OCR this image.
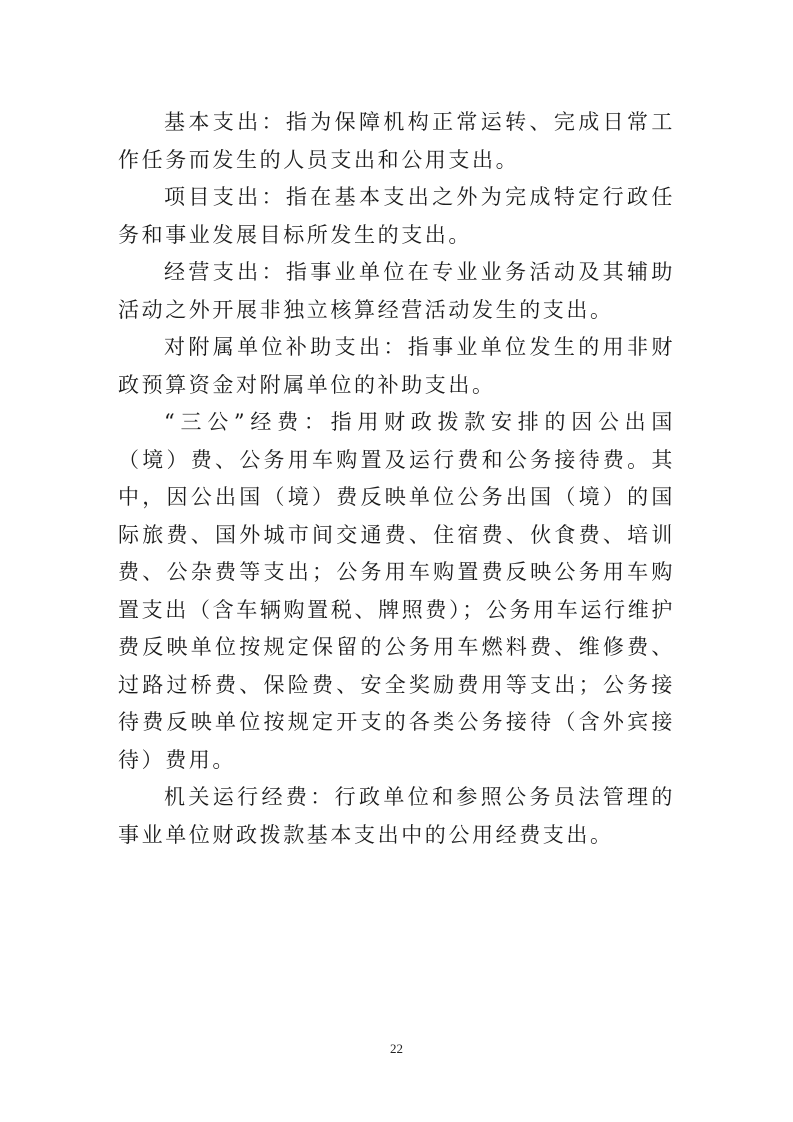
基本支出：指为保障机构正常运转、完成日常工作任务而发生的人员支出和公用支出。

项目支出：指在基本支出之外为完成特定行政任务和事业发展目标所发生的支出。

经营支出：指事业单位在专业业务活动及其辅助活动之外开展非独立核算经营活动发生的支出。

对附属单位补助支出：指事业单位发生的用非财政预算资金对附属单位的补助支出。

“三公”经费：指用财政拨款安排的因公出国（境）费、公务用车购置及运行费和公务接待费。其中，因公出国（境）费反映单位公务出国（境）的国际旅费、国外城市间交通费、住宿费、伙食费、培训费、公杂费等支出；公务用车购置费反映公务用车购置支出（含车辆购置税、牌照费）；公务用车运行维护费反映单位按规定保留的公务用车燃料费、维修费、过路过桥费、保险费、安全奖励费用等支出；公务接待费反映单位按规定开支的各类公务接待（含外宾接待）费用。

机关运行经费：行政单位和参照公务员法管理的事业单位财政拨款基本支出中的公用经费支出。

22
